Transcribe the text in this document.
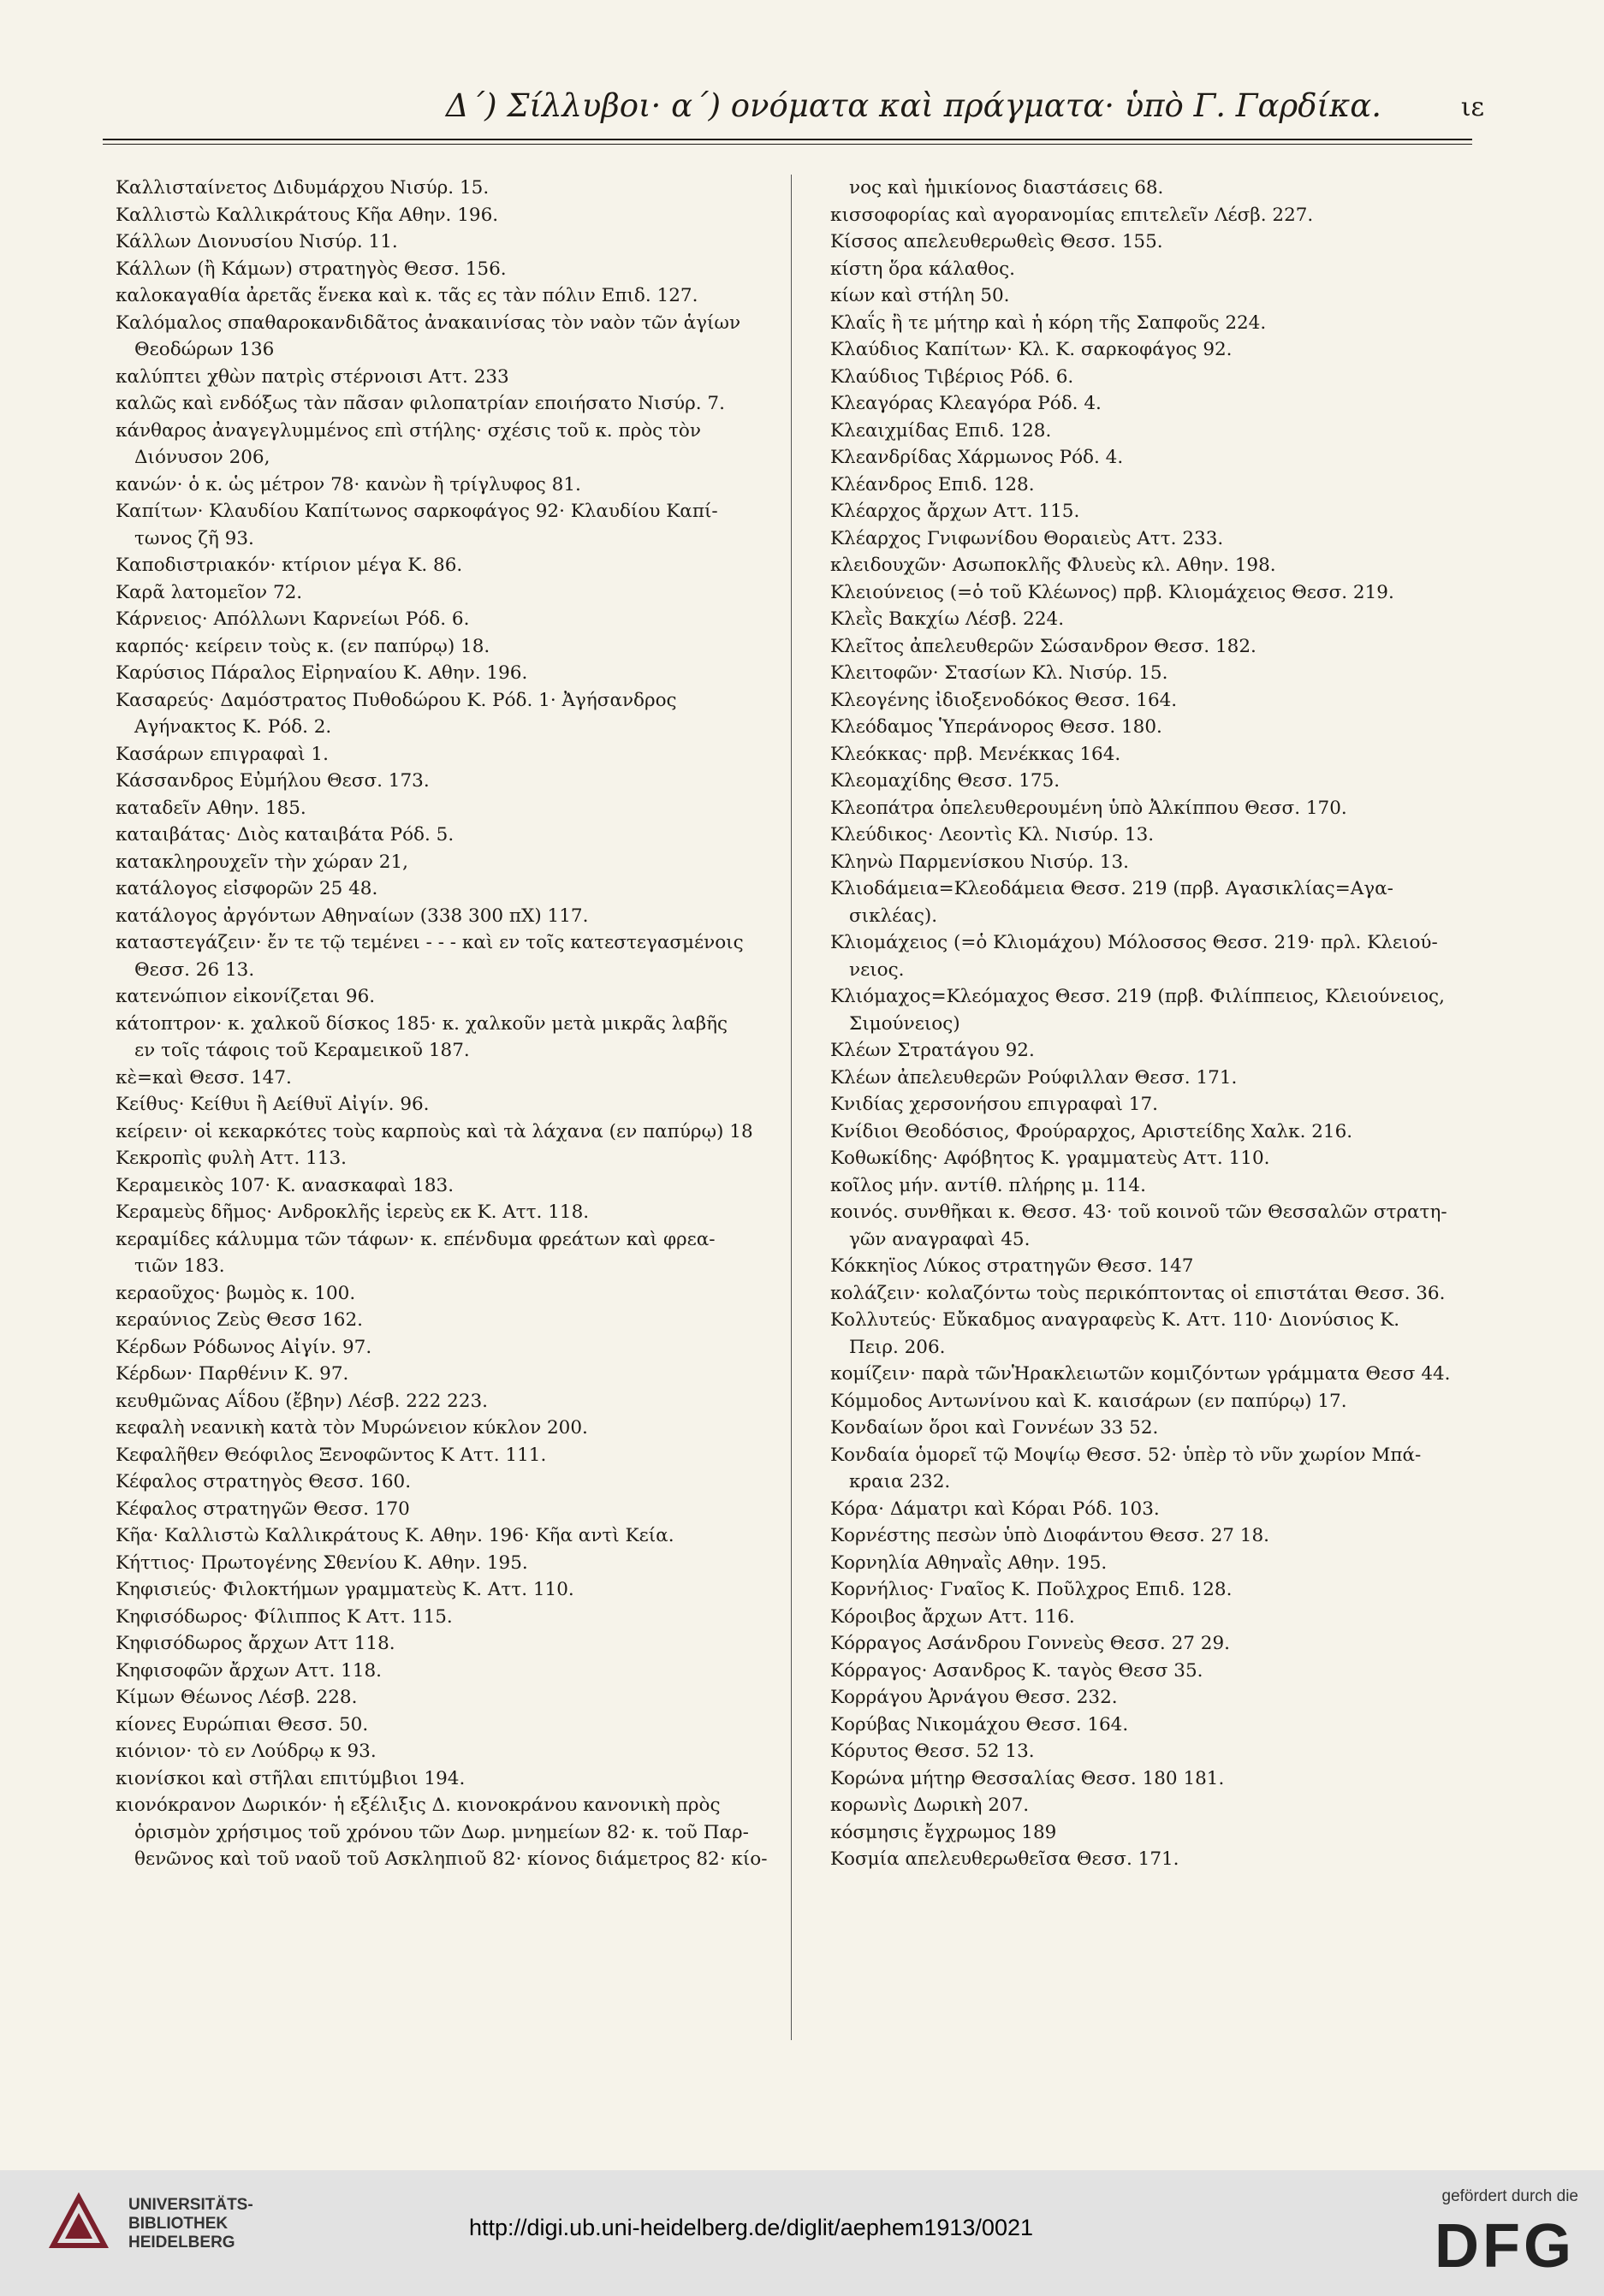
Δ΄) Σίλλυβοι· α΄) ονόματα καὶ πράγματα· ὑπὸ Γ. Γαρδίκα.	ιε
Καλλισταίνετος Διδυμάρχου Νισύρ. 15.
Καλλιστὼ Καλλικράτους Κῆα Αθην. 196.
Κάλλων Διονυσίου Νισύρ. 11.
Κάλλων (ἢ Κάμων) στρατηγὸς Θεσσ. 156.
καλοκαγαθία ἀρετᾶς ἕνεκα καὶ κ. τᾶς ες τὰν πόλιν Επιδ. 127.
Καλόμαλος σπαθαροκανδιδᾶτος ἀνακαινίσας τὸν ναὸν τῶν ἁγίων
Θεοδώρων 136
καλύπτει χθὼν πατρὶς στέρνοισι Αττ. 233
καλῶς καὶ ενδόξως τὰν πᾶσαν φιλοπατρίαν εποιήσατο Νισύρ. 7.
κάνθαρος ἀναγεγλυμμένος επὶ στήλης· σχέσις τοῦ κ. πρὸς τὸν
Διόνυσον 206,
κανών· ὁ κ. ὡς μέτρον 78· κανὼν ἢ τρίγλυφος 81.
Καπίτων· Κλαυδίου Καπίτωνος σαρκοφάγος 92· Κλαυδίου Καπί-
τωνος ζῆ 93.
Καποδιστριακόν· κτίριον μέγα Κ. 86.
Καρᾶ λατομεῖον 72.
Κάρνειος· Απόλλωνι Καρνείωι Ρόδ. 6.
καρπός· κείρειν τοὺς κ. (εν παπύρῳ) 18.
Καρύσιος Πάραλος Εἰρηναίου Κ. Αθην. 196.
Κασαρεύς· Δαμόστρατος Πυθοδώρου Κ. Ρόδ. 1· Ἀγήσανδρος
Αγήνακτος Κ. Ρόδ. 2.
Κασάρων επιγραφαὶ 1.
Κάσσανδρος Εὐμήλου Θεσσ. 173.
καταδεῖν Αθην. 185.
καταιβάτας· Διὸς καταιβάτα Ρόδ. 5.
κατακληρουχεῖν τὴν χώραν 21,
κατάλογος εἰσφορῶν 25 48.
κατάλογος ἀργόντων Αθηναίων (338 300 πΧ) 117.
καταστεγάζειν· ἔν τε τῷ τεμένει - - - καὶ εν τοῖς κατεστεγασμένοις
Θεσσ. 26 13.
κατενώπιον εἰκονίζεται 96.
κάτοπτρον· κ. χαλκοῦ δίσκος 185· κ. χαλκοῦν μετὰ μικρᾶς λαβῆς
εν τοῖς τάφοις τοῦ Κεραμεικοῦ 187.
κὲ=καὶ Θεσσ. 147.
Κείθυς· Κείθυι ἢ Αείθυϊ Αἰγίν. 96.
κείρειν· οἱ κεκαρκότες τοὺς καρποὺς καὶ τὰ λάχανα (εν παπύρῳ) 18
Κεκροπὶς φυλὴ Αττ. 113.
Κεραμεικὸς 107· Κ. ανασκαφαὶ 183.
Κεραμεὺς δῆμος· Ανδροκλῆς ἱερεὺς εκ Κ. Αττ. 118.
κεραμίδες κάλυμμα τῶν τάφων· κ. επένδυμα φρεάτων καὶ φρεα-
τιῶν 183.
κεραοῦχος· βωμὸς κ. 100.
κεραύνιος Ζεὺς Θεσσ 162.
Κέρδων Ρόδωνος Αἰγίν. 97.
Κέρδων· Παρθένιν Κ. 97.
κευθμῶνας Αΐδου (ἔβην) Λέσβ. 222 223.
κεφαλὴ νεανικὴ κατὰ τὸν Μυρώνειον κύκλον 200.
Κεφαλῆθεν Θεόφιλος Ξενοφῶντος Κ Αττ. 111.
Κέφαλος στρατηγὸς Θεσσ. 160.
Κέφαλος στρατηγῶν Θεσσ. 170
Κῆα· Καλλιστὼ Καλλικράτους Κ. Αθην. 196· Κῆα αντὶ Κεία.
Κήττιος· Πρωτογένης Σθενίου Κ. Αθην. 195.
Κηφισιεύς· Φιλοκτήμων γραμματεὺς Κ. Αττ. 110.
Κηφισόδωρος· Φίλιππος Κ Αττ. 115.
Κηφισόδωρος ἄρχων Αττ 118.
Κηφισοφῶν ἄρχων Αττ. 118.
Κίμων Θέωνος Λέσβ. 228.
κίονες Ευρώπιαι Θεσσ. 50.
κιόνιον· τὸ εν Λούδρῳ κ 93.
κιονίσκοι καὶ στῆλαι επιτύμβιοι 194.
κιονόκρανον Δωρικόν· ἡ εξέλιξις Δ. κιονοκράνου κανονικὴ πρὸς
ὁρισμὸν χρήσιμος τοῦ χρόνου τῶν Δωρ. μνημείων 82· κ. τοῦ Παρ-
θενῶνος καὶ τοῦ ναοῦ τοῦ Ασκληπιοῦ 82· κίονος διάμετρος 82· κίο-
νος καὶ ἡμικίονος διαστάσεις 68.
κισσοφορίας καὶ αγορανομίας επιτελεῖν Λέσβ. 227.
Κίσσος απελευθερωθεὶς Θεσσ. 155.
κίστη ὅρα κάλαθος.
κίων καὶ στήλη 50.
Κλαΐς ἢ τε μήτηρ καὶ ἡ κόρη τῆς Σαπφοῦς 224.
Κλαύδιος Καπίτων· Κλ. Κ. σαρκοφάγος 92.
Κλαύδιος Τιβέριος Ρόδ. 6.
Κλεαγόρας Κλεαγόρα Ρόδ. 4.
Κλεαιχμίδας Επιδ. 128.
Κλεανδρίδας Χάρμωνος Ρόδ. 4.
Κλέανδρος Επιδ. 128.
Κλέαρχος ἄρχων Αττ. 115.
Κλέαρχος Γνιφωνίδου Θοραιεὺς Αττ. 233.
κλειδουχῶν· Ασωποκλῆς Φλυεὺς κλ. Αθην. 198.
Κλειούνειος (=ὁ τοῦ Κλέωνος) πρβ. Κλιομάχειος Θεσσ. 219.
Κλεῒς Βακχίω Λέσβ. 224.
Κλεῖτος ἀπελευθερῶν Σώσανδρον Θεσσ. 182.
Κλειτοφῶν· Στασίων Κλ. Νισύρ. 15.
Κλεογένης ἰδιοξενοδόκος Θεσσ. 164.
Κλεόδαμος Ὑπεράνορος Θεσσ. 180.
Κλεόκκας· πρβ. Μενέκκας 164.
Κλεομαχίδης Θεσσ. 175.
Κλεοπάτρα ὁπελευθερουμένη ὑπὸ Ἀλκίππου Θεσσ. 170.
Κλεύδικος· Λεοντὶς Κλ. Νισύρ. 13.
Κληνὼ Παρμενίσκου Νισύρ. 13.
Κλιοδάμεια=Κλεοδάμεια Θεσσ. 219 (πρβ. Αγασικλίας=Αγα-
σικλέας).
Κλιομάχειος (=ὁ Κλιομάχου) Μόλοσσος Θεσσ. 219· πρλ. Κλειού-
νειος.
Κλιόμαχος=Κλεόμαχος Θεσσ. 219 (πρβ. Φιλίππειος, Κλειούνειος,
Σιμούνειος)
Κλέων Στρατάγου 92.
Κλέων ἀπελευθερῶν Ρούφιλλαν Θεσσ. 171.
Κνιδίας χερσονήσου επιγραφαὶ 17.
Κνίδιοι Θεοδόσιος, Φρούραρχος, Αριστείδης Χαλκ. 216.
Κοθωκίδης· Αφόβητος Κ. γραμματεὺς Αττ. 110.
κοῖλος μήν. αντίθ. πλήρης μ. 114.
κοινός. συνθῆκαι κ. Θεσσ. 43· τοῦ κοινοῦ τῶν Θεσσαλῶν στρατη-
γῶν αναγραφαὶ 45.
Κόκκηϊος Λύκος στρατηγῶν Θεσσ. 147
κολάζειν· κολαζόντω τοὺς περικόπτοντας οἱ επιστάται Θεσσ. 36.
Κολλυτεύς· Εὔκαδμος αναγραφεὺς Κ. Αττ. 110· Διονύσιος Κ.
Πειρ. 206.
κομίζειν· παρὰ τῶνἩρακλειωτῶν κομιζόντων γράμματα Θεσσ 44.
Κόμμοδος Αντωνίνου καὶ Κ. καισάρων (εν παπύρῳ) 17.
Κονδαίων ὅροι καὶ Γοννέων 33 52.
Κονδαία ὁμορεῖ τῷ Μοψίῳ Θεσσ. 52· ὑπὲρ τὸ νῦν χωρίον Μπά-
κραια 232.
Κόρα· Δάματρι καὶ Κόραι Ρόδ. 103.
Κορνέστης πεσὼν ὑπὸ Διοφάντου Θεσσ. 27 18.
Κορνηλία Αθηναῒς Αθην. 195.
Κορνήλιος· Γναῖος Κ. Ποῦλχρος Επιδ. 128.
Κόροιβος ἄρχων Αττ. 116.
Κόρραγος Ασάνδρου Γοννεὺς Θεσσ. 27 29.
Κόρραγος· Ασανδρος Κ. ταγὸς Θεσσ 35.
Κορράγου Ἀρνάγου Θεσσ. 232.
Κορύβας Νικομάχου Θεσσ. 164.
Κόρυτος Θεσσ. 52 13.
Κορώνα μήτηρ Θεσσαλίας Θεσσ. 180 181.
κορωνὶς Δωρικὴ 207.
κόσμησις ἔγχρωμος 189
Κοσμία απελευθερωθεῖσα Θεσσ. 171.
UNIVERSITÄTS-BIBLIOTHEK HEIDELBERG
http://digi.ub.uni-heidelberg.de/diglit/aephem1913/0021
gefördert durch die
DFG
